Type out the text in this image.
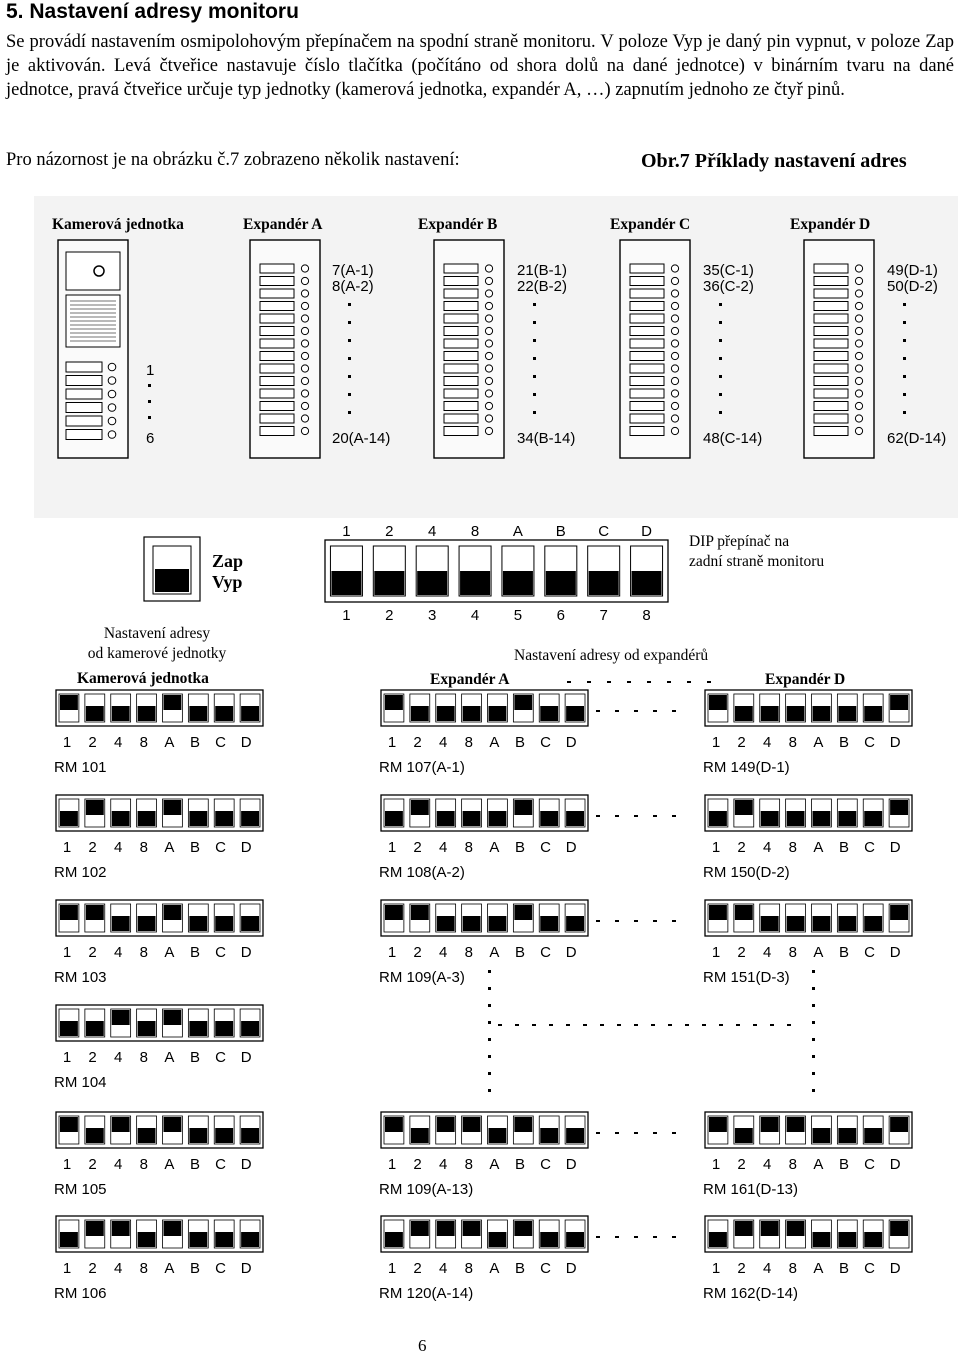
5. Nastavení adresy monitoru

Se provádí nastavením osmipolohovým přepínačem na spodní straně monitoru. V poloze Vyp je daný pin vypnut, v poloze Zap je aktivován. Levá čtveřice nastavuje číslo tlačítka (počítáno od shora dolů na dané jednotce) v binárním tvaru na dané jednotce, pravá čtveřice určuje typ jednotky (kamerová jednotka, expandér A, …) zapnutím jednoho ze čtyř pinů.

Pro názornost je na obrázku č.7 zobrazeno několik nastavení:	Obr.7 Příklady nastavení adres
Kamerová jednotka	Expandér A	Expandér B	Expandér C	Expandér D
1
6
7(A-1)
8(A-2)
20(A-14)
21(B-1)
22(B-2)
34(B-14)
35(C-1)
36(C-2)
48(C-14)
49(D-1)
50(D-2)
62(D-14)
Zap
Vyp
1
1
2
2
4
3
8
4
A
5
B
6
C
7
D
8
DIP přepínač na
zadní straně monitoru
Nastavení adresy
od kamerové jednotky
Kamerová jednotka
Nastavení adresy od expandérů
Expandér A	Expandér D
1 2 4 8 A B C D
RM 101
1 2 4 8 A B C D
RM 102
1 2 4 8 A B C D
RM 103
1 2 4 8 A B C D
RM 104
1 2 4 8 A B C D
RM 105
1 2 4 8 A B C D
RM 106
1 2 4 8 A B C D
RM 107(A-1)
1 2 4 8 A B C D
RM 108(A-2)
1 2 4 8 A B C D
RM 109(A-3)
1 2 4 8 A B C D
RM 109(A-13)
1 2 4 8 A B C D
RM 120(A-14)
1 2 4 8 A B C D
RM 149(D-1)
1 2 4 8 A B C D
RM 150(D-2)
1 2 4 8 A B C D
RM 151(D-3)
1 2 4 8 A B C D
RM 161(D-13)
1 2 4 8 A B C D
RM 162(D-14)
6
